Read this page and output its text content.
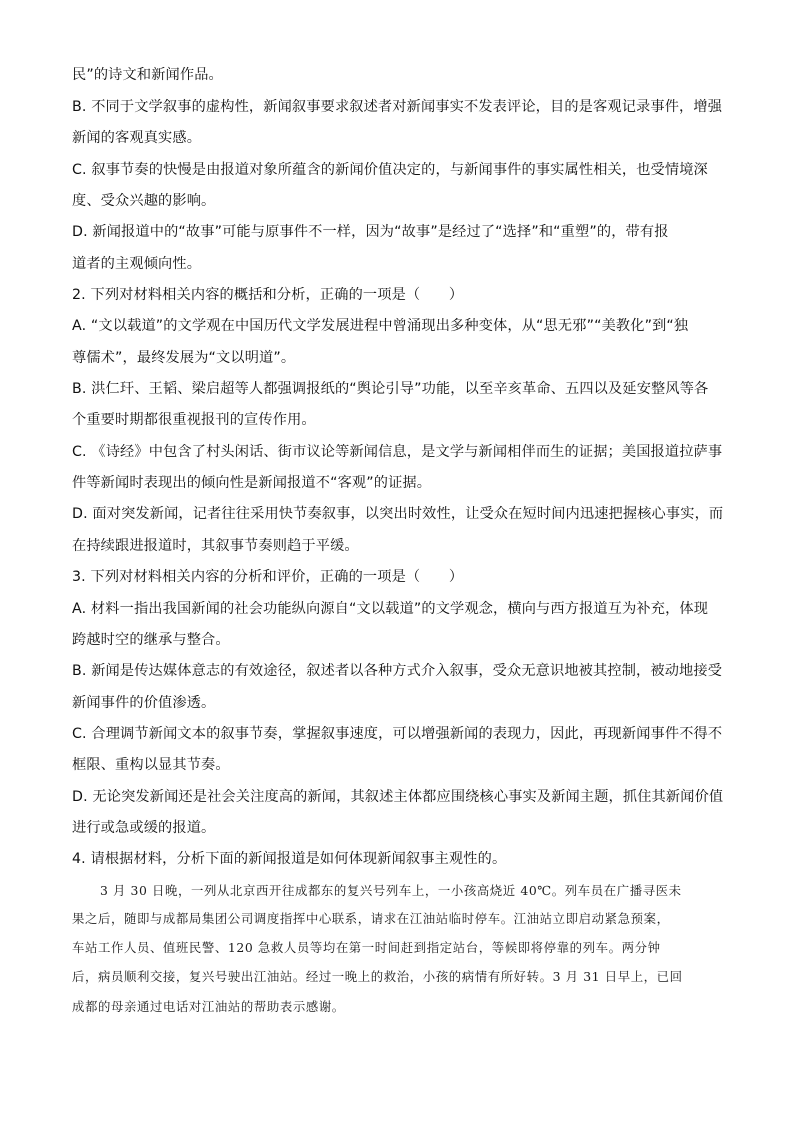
民”的诗文和新闻作品。
B. 不同于文学叙事的虚构性，新闻叙事要求叙述者对新闻事实不发表评论，目的是客观记录事件，增强
新闻的客观真实感。
C. 叙事节奏的快慢是由报道对象所蕴含的新闻价值决定的，与新闻事件的事实属性相关，也受情境深
度、受众兴趣的影响。
D. 新闻报道中的“故事”可能与原事件不一样，因为“故事”是经过了“选择”和“重塑”的，带有报
道者的主观倾向性。
2. 下列对材料相关内容的概括和分析，正确的一项是（　　）
A. “文以载道”的文学观在中国历代文学发展进程中曾涌现出多种变体，从“思无邪”“美教化”到“独
尊儒术”，最终发展为“文以明道”。
B. 洪仁玕、王韬、梁启超等人都强调报纸的“舆论引导”功能，以至辛亥革命、五四以及延安整风等各
个重要时期都很重视报刊的宣传作用。
C. 《诗经》中包含了村头闲话、街市议论等新闻信息，是文学与新闻相伴而生的证据；美国报道拉萨事
件等新闻时表现出的倾向性是新闻报道不“客观”的证据。
D. 面对突发新闻，记者往往采用快节奏叙事，以突出时效性，让受众在短时间内迅速把握核心事实，而
在持续跟进报道时，其叙事节奏则趋于平缓。
3. 下列对材料相关内容的分析和评价，正确的一项是（　　）
A. 材料一指出我国新闻的社会功能纵向源自“文以载道”的文学观念，横向与西方报道互为补充，体现
跨越时空的继承与整合。
B. 新闻是传达媒体意志的有效途径，叙述者以各种方式介入叙事，受众无意识地被其控制，被动地接受
新闻事件的价值渗透。
C. 合理调节新闻文本的叙事节奏，掌握叙事速度，可以增强新闻的表现力，因此，再现新闻事件不得不
框限、重构以显其节奏。
D. 无论突发新闻还是社会关注度高的新闻，其叙述主体都应围绕核心事实及新闻主题，抓住其新闻价值
进行或急或缓的报道。
4. 请根据材料，分析下面的新闻报道是如何体现新闻叙事主观性的。
3 月 30 日晚，一列从北京西开往成都东的复兴号列车上，一小孩高烧近 40℃。列车员在广播寻医未
果之后，随即与成都局集团公司调度指挥中心联系，请求在江油站临时停车。江油站立即启动紧急预案，
车站工作人员、值班民警、120 急救人员等均在第一时间赶到指定站台，等候即将停靠的列车。两分钟
后，病员顺利交接，复兴号驶出江油站。经过一晚上的救治，小孩的病情有所好转。3 月 31 日早上，已回
成都的母亲通过电话对江油站的帮助表示感谢。
